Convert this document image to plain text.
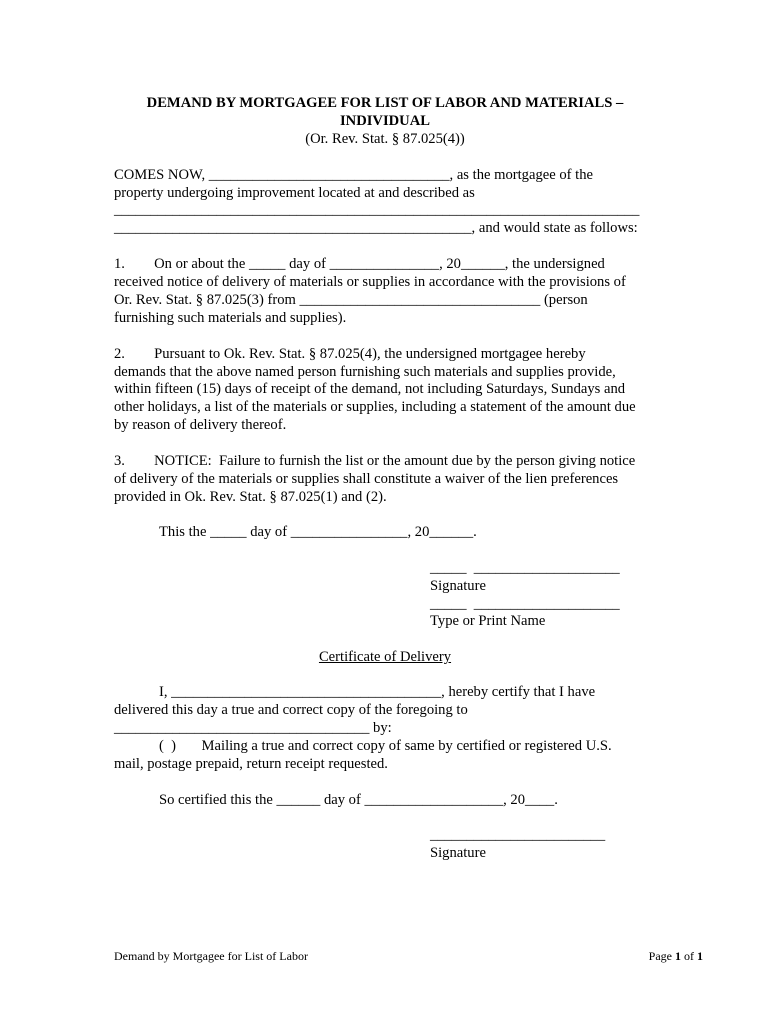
DEMAND BY MORTGAGEE FOR LIST OF LABOR AND MATERIALS –
INDIVIDUAL
(Or. Rev. Stat. § 87.025(4))
COMES NOW, _________________________________, as the mortgagee of the
property undergoing improvement located at and described as
________________________________________________________________________
_________________________________________________, and would state as follows:
1.        On or about the _____ day of _______________, 20______, the undersigned
received notice of delivery of materials or supplies in accordance with the provisions of
Or. Rev. Stat. § 87.025(3) from _________________________________ (person
furnishing such materials and supplies).
2.        Pursuant to Ok. Rev. Stat. § 87.025(4), the undersigned mortgagee hereby
demands that the above named person furnishing such materials and supplies provide,
within fifteen (15) days of receipt of the demand, not including Saturdays, Sundays and
other holidays, a list of the materials or supplies, including a statement of the amount due
by reason of delivery thereof.
3.        NOTICE:  Failure to furnish the list or the amount due by the person giving notice
of delivery of the materials or supplies shall constitute a waiver of the lien preferences
provided in Ok. Rev. Stat. § 87.025(1) and (2).
This the _____ day of ________________, 20______.
_____  ____________________
Signature
_____  ____________________
Type or Print Name
Certificate of Delivery
I, _____________________________________, hereby certify that I have
delivered this day a true and correct copy of the foregoing to
___________________________________ by:
(  )       Mailing a true and correct copy of same by certified or registered U.S.
mail, postage prepaid, return receipt requested.
So certified this the ______ day of ___________________, 20____.
________________________
Signature
Demand by Mortgagee for List of Labor	Page 1 of 1
